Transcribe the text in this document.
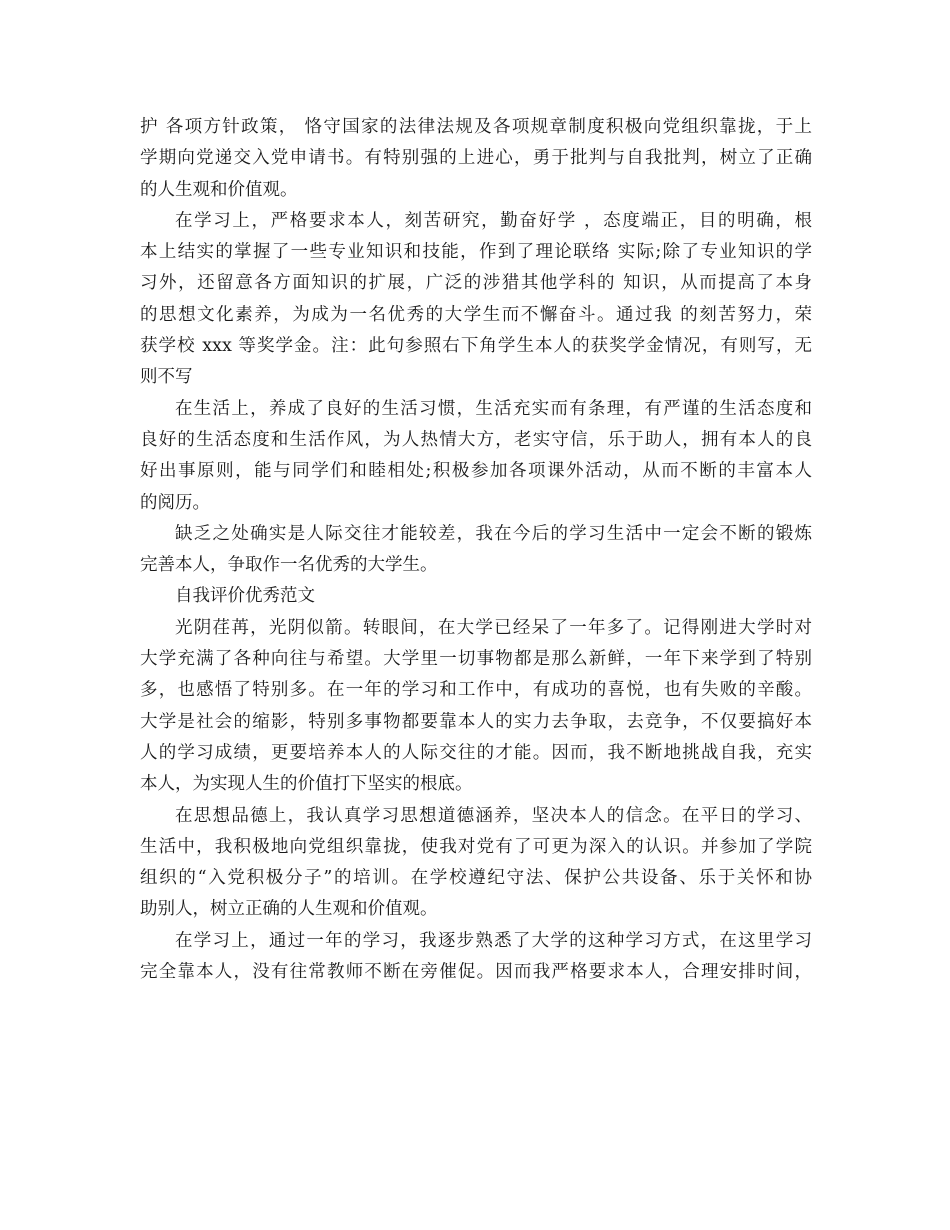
护 各项方针政策， 恪守国家的法律法规及各项规章制度积极向党组织靠拢，于上
学期向党递交入党申请书。有特别强的上进心，勇于批判与自我批判，树立了正确
的人生观和价值观。
在学习上，严格要求本人，刻苦研究，勤奋好学 ，态度端正，目的明确，根
本上结实的掌握了一些专业知识和技能，作到了理论联络 实际;除了专业知识的学
习外，还留意各方面知识的扩展，广泛的涉猎其他学科的 知识，从而提高了本身
的思想文化素养，为成为一名优秀的大学生而不懈奋斗。通过我 的刻苦努力，荣
获学校 xxx 等奖学金。注：此句参照右下角学生本人的获奖学金情况，有则写，无
则不写
在生活上，养成了良好的生活习惯，生活充实而有条理，有严谨的生活态度和
良好的生活态度和生活作风，为人热情大方，老实守信，乐于助人，拥有本人的良
好出事原则，能与同学们和睦相处;积极参加各项课外活动，从而不断的丰富本人
的阅历。
缺乏之处确实是人际交往才能较差，我在今后的学习生活中一定会不断的锻炼
完善本人，争取作一名优秀的大学生。
自我评价优秀范文
光阴荏苒，光阴似箭。转眼间，在大学已经呆了一年多了。记得刚进大学时对
大学充满了各种向往与希望。大学里一切事物都是那么新鲜，一年下来学到了特别
多，也感悟了特别多。在一年的学习和工作中，有成功的喜悦，也有失败的辛酸。
大学是社会的缩影，特别多事物都要靠本人的实力去争取，去竞争，不仅要搞好本
人的学习成绩，更要培养本人的人际交往的才能。因而，我不断地挑战自我，充实
本人，为实现人生的价值打下坚实的根底。
在思想品德上，我认真学习思想道德涵养，坚决本人的信念。在平日的学习、
生活中，我积极地向党组织靠拢，使我对党有了可更为深入的认识。并参加了学院
组织的“入党积极分子”的培训。在学校遵纪守法、保护公共设备、乐于关怀和协
助别人，树立正确的人生观和价值观。
在学习上，通过一年的学习，我逐步熟悉了大学的这种学习方式，在这里学习
完全靠本人，没有往常教师不断在旁催促。因而我严格要求本人，合理安排时间，
